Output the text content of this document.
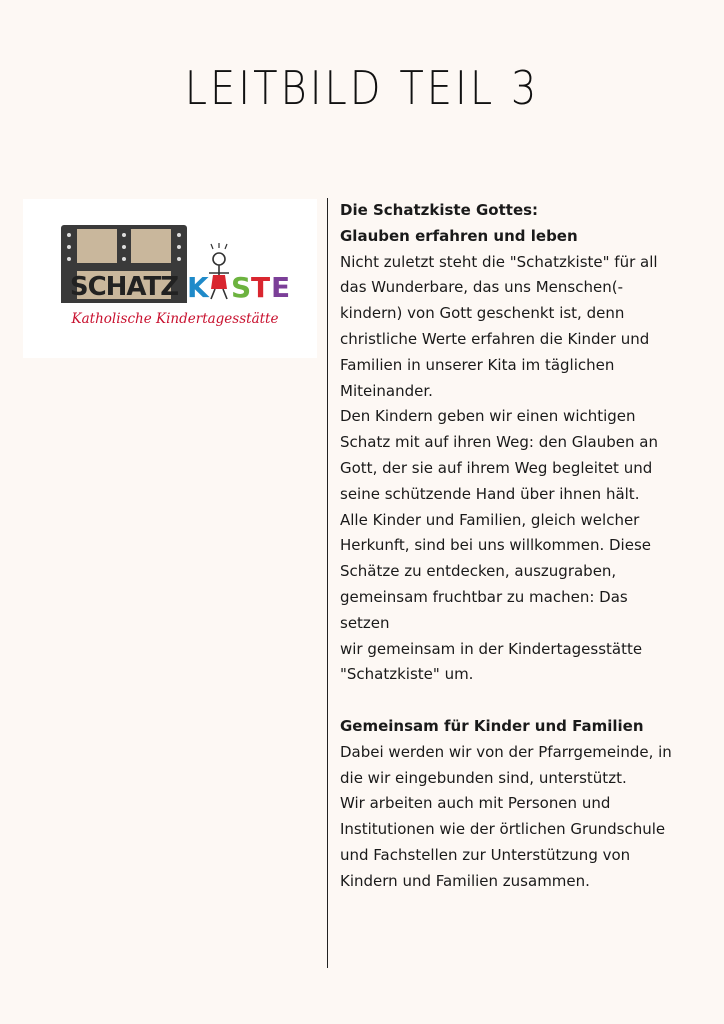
LEITBILD TEIL 3
SCHATZ K S T E
Katholische Kindertagesstätte

Die Schatzkiste Gottes:

Glauben erfahren und leben

Nicht zuletzt steht die "Schatzkiste" für all

das Wunderbare, das uns Menschen(-

kindern) von Gott geschenkt ist, denn

christliche Werte erfahren die Kinder und

Familien in unserer Kita im täglichen

Miteinander.

Den Kindern geben wir einen wichtigen

Schatz mit auf ihren Weg: den Glauben an

Gott, der sie auf ihrem Weg begleitet und

seine schützende Hand über ihnen hält.

Alle Kinder und Familien, gleich welcher

Herkunft, sind bei uns willkommen. Diese

Schätze zu entdecken, auszugraben,

gemeinsam fruchtbar zu machen: Das setzen

wir gemeinsam in der Kindertagesstätte

"Schatzkiste" um.

Gemeinsam für Kinder und Familien

Dabei werden wir von der Pfarrgemeinde, in

die wir eingebunden sind, unterstützt.

Wir arbeiten auch mit Personen und

Institutionen wie der örtlichen Grundschule

und Fachstellen zur Unterstützung von

Kindern und Familien zusammen.
